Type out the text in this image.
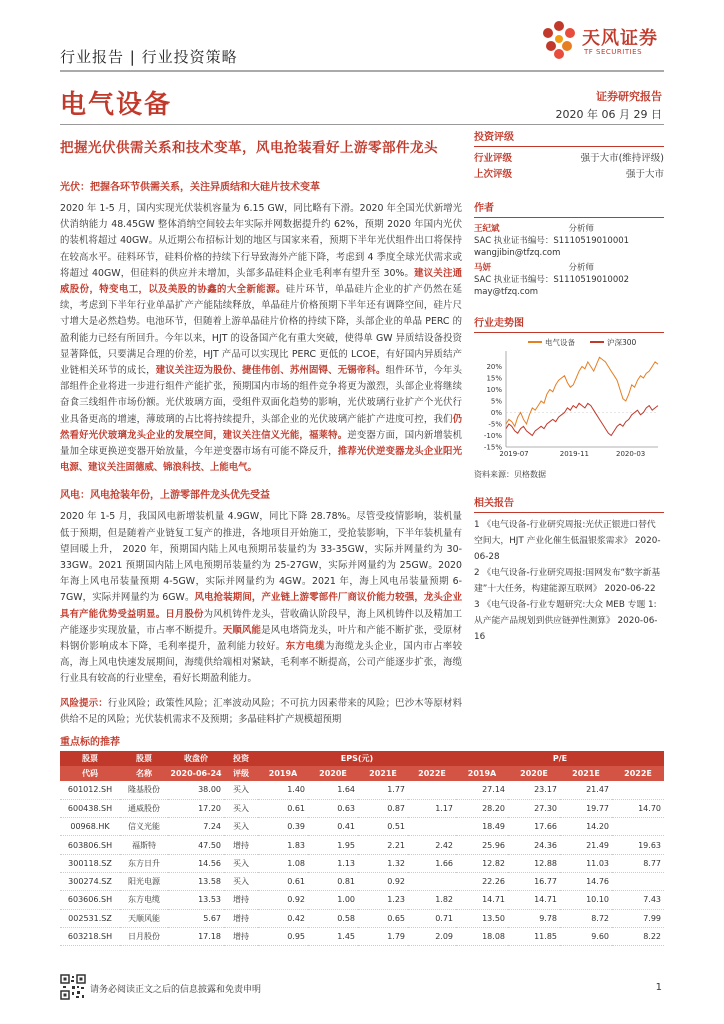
行业报告 | 行业投资策略
天风证券
TF SECURITIES
电气设备	证券研究报告
2020 年 06 月 29 日
把握光伏供需关系和技术变革，风电抢装看好上游零部件龙头
光伏：把握各环节供需关系，关注异质结和大硅片技术变革

2020 年 1-5 月，国内实现光伏装机容量为 6.15 GW，同比略有下滑。2020 年全国光伏新增光伏消纳能力 48.45GW 整体消纳空间较去年实际并网数据提升约 62%，预期 2020 年国内光伏的装机将超过 40GW。从近期公布招标计划的地区与国家来看，预期下半年光伏组件出口将保持在较高水平。硅料环节，硅料价格的持续下行导致海外产能下降，考虑到 4 季度全球光伏需求或将超过 40GW，但硅料的供应并未增加，头部多晶硅料企业毛利率有望升至 30%。建议关注通威股份，特变电工，以及美股的协鑫的大全新能源。硅片环节，单晶硅片企业的扩产仍然在延续，考虑到下半年行业单晶扩产产能陆续释放，单晶硅片价格预期下半年还有调降空间，硅片尺寸增大是必然趋势。电池环节，但随着上游单晶硅片价格的持续下降，头部企业的单晶 PERC 的盈利能力已经有所回升。今年以来，HJT 的设备国产化有重大突破，使得单 GW 异质结设备投资显著降低，只要满足合理的价差，HJT 产品可以实现比 PERC 更低的 LCOE，有好国内异质结产业链相关环节的成长，建议关注迈为股份、捷佳伟创、苏州固锝、无锡帝科。组件环节，今年头部组件企业将进一步进行组件产能扩张，预期国内市场的组件竞争将更为激烈，头部企业将继续奋食三线组件市场份额。光伏玻璃方面，受组件双面化趋势的影响，光伏玻璃行业扩产个光伏行业具备更高的增速，薄玻璃的占比将持续提升，头部企业的光伏玻璃产能扩产进度可控，我们仍然看好光伏玻璃龙头企业的发展空间，建议关注信义光能，福莱特。逆变器方面，国内新增装机量加全球更换逆变器开始放量，今年逆变器市场有可能不降反升，推荐光伏逆变器龙头企业阳光电源、建议关注固德威、锦浪科技、上能电气。

风电：风电抢装年份，上游零部件龙头优先受益

2020 年 1-5 月，我国风电新增装机量 4.9GW，同比下降 28.78%。尽管受疫情影响，装机量低于预期，但是随着产业链复工复产的推进，各地项目开始施工，受抢装影响，下半年装机量有望回暖上升， 2020 年，预期国内陆上风电预期吊装量约为 33-35GW，实际并网量约为 30-33GW。2021 预期国内陆上风电预期吊装量约为 25-27GW，实际并网量约为 25GW。2020 年海上风电吊装量预期 4-5GW，实际并网量约为 4GW。2021 年，海上风电吊装量预期 6-7GW，实际并网量约为 6GW。风电抢装期间，产业链上游零部件厂商议价能力较强，龙头企业具有产能优势受益明显。日月股份为风机铸件龙头，营收确认阶段早，海上风机铸件以及精加工产能逐步实现放量，市占率不断提升。天顺风能是风电塔筒龙头，叶片和产能不断扩张，受原材料钢价影响成本下降，毛利率提升，盈利能力较好。东方电缆为海缆龙头企业，国内市占率较高，海上风电快速发展期间，海缆供给端相对紧缺，毛利率不断提高，公司产能逐步扩张，海缆行业具有较高的行业壁垒，看好长期盈利能力。

风险提示：行业风险；政策性风险；汇率波动风险；不可抗力因素带来的风险；巴沙木等原材料供给不足的风险；光伏装机需求不及预期；多晶硅料扩产规模超预期

投资评级
行业评级	强于大市(维持评级)
上次评级	强于大市
作者
王纪斌	分析师
SAC 执业证书编号：S1110519010001
wangjibin@tfzq.com
马妍	分析师
SAC 执业证书编号：S1110519010002
may@tfzq.com
行业走势图
电气设备	沪深300
20%
15%
10%
5%
0%
-5%
-10%
-15%
2019-07	2019-11	2020-03
资料来源：贝格数据
相关报告
1 《电气设备-行业研究周报:光伏正银进口替代空间大，HJT 产业化催生低温银浆需求》 2020-06-28
2 《电气设备-行业研究周报:国网发布“数字新基建”十大任务，构建能源互联网》 2020-06-22
3 《电气设备-行业专题研究:大众 MEB 专题 1:从产能产品规划到供应链弹性测算》 2020-06-16
重点标的推荐
股票	股票	收盘价	投资	EPS(元)				P/E			
代码	名称	2020-06-24	评级	2019A	2020E	2021E	2022E	2019A	2020E	2021E	2022E
601012.SH	隆基股份	38.00	买入	1.40	1.64	1.77		27.14	23.17	21.47	
600438.SH	通威股份	17.20	买入	0.61	0.63	0.87	1.17	28.20	27.30	19.77	14.70
00968.HK	信义光能	7.24	买入	0.39	0.41	0.51		18.49	17.66	14.20	
603806.SH	福斯特	47.50	增持	1.83	1.95	2.21	2.42	25.96	24.36	21.49	19.63
300118.SZ	东方日升	14.56	买入	1.08	1.13	1.32	1.66	12.82	12.88	11.03	8.77
300274.SZ	阳光电源	13.58	买入	0.61	0.81	0.92		22.26	16.77	14.76	
603606.SH	东方电缆	13.53	增持	0.92	1.00	1.23	1.82	14.71	14.71	10.10	7.43
002531.SZ	天顺风能	5.67	增持	0.42	0.58	0.65	0.71	13.50	9.78	8.72	7.99
603218.SH	日月股份	17.18	增持	0.95	1.45	1.79	2.09	18.08	11.85	9.60	8.22
请务必阅读正文之后的信息披露和免责申明	1
